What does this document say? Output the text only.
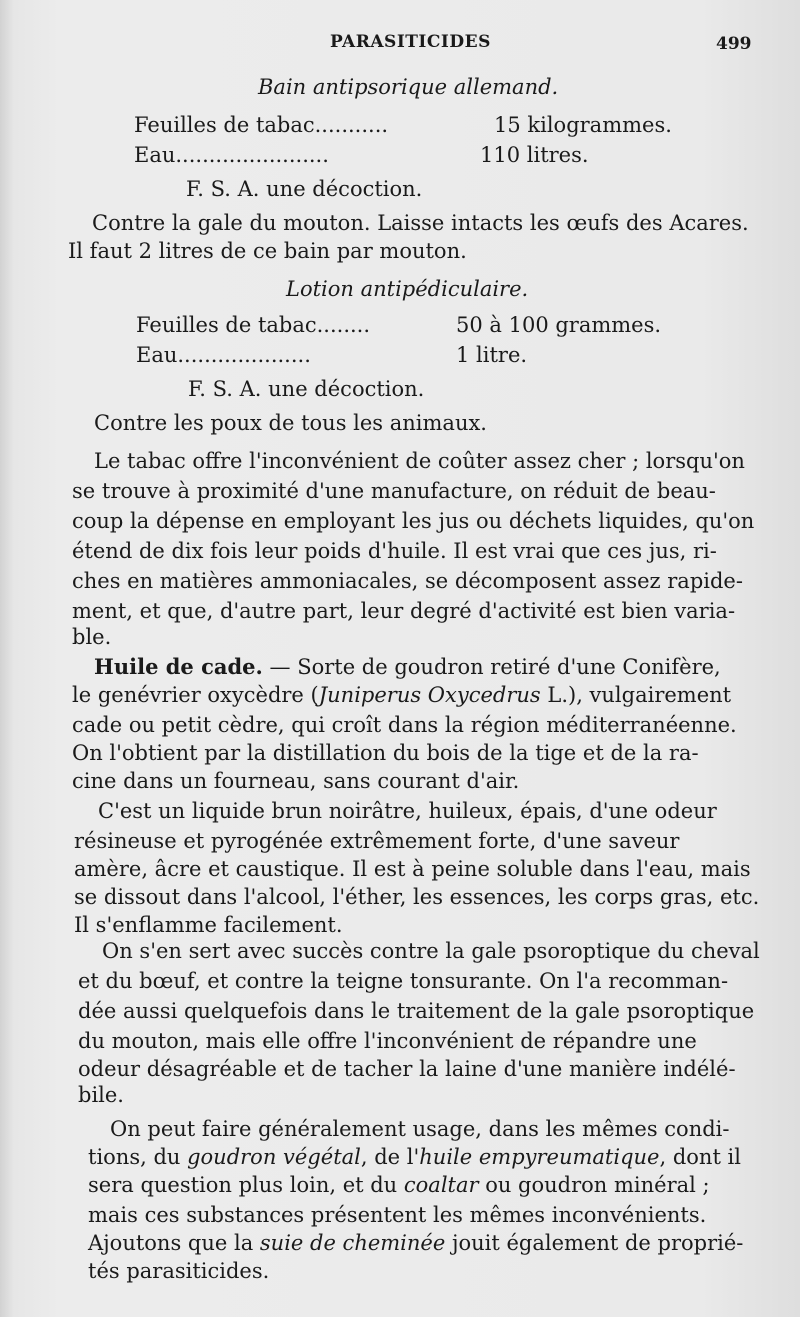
PARASITICIDES	499
Bain antipsorique allemand.
Feuilles de tabac...........	15 kilogrammes.
Eau.......................	110 litres.
F. S. A. une décoction.
Contre la gale du mouton. Laisse intacts les œufs des Acares.
Il faut 2 litres de ce bain par mouton.
Lotion antipédiculaire.
Feuilles de tabac........	50 à 100 grammes.
Eau....................	1 litre.
F. S. A. une décoction.
Contre les poux de tous les animaux.
Le tabac offre l'inconvénient de coûter assez cher ; lorsqu'on
se trouve à proximité d'une manufacture, on réduit de beau-
coup la dépense en employant les jus ou déchets liquides, qu'on
étend de dix fois leur poids d'huile. Il est vrai que ces jus, ri-
ches en matières ammoniacales, se décomposent assez rapide-
ment, et que, d'autre part, leur degré d'activité est bien varia-
ble.
Huile de cade. — Sorte de goudron retiré d'une Conifère,
le genévrier oxycèdre (Juniperus Oxycedrus L.), vulgairement
cade ou petit cèdre, qui croît dans la région méditerranéenne.
On l'obtient par la distillation du bois de la tige et de la ra-
cine dans un fourneau, sans courant d'air.
C'est un liquide brun noirâtre, huileux, épais, d'une odeur
résineuse et pyrogénée extrêmement forte, d'une saveur
amère, âcre et caustique. Il est à peine soluble dans l'eau, mais
se dissout dans l'alcool, l'éther, les essences, les corps gras, etc.
Il s'enflamme facilement.
On s'en sert avec succès contre la gale psoroptique du cheval
et du bœuf, et contre la teigne tonsurante. On l'a recomman-
dée aussi quelquefois dans le traitement de la gale psoroptique
du mouton, mais elle offre l'inconvénient de répandre une
odeur désagréable et de tacher la laine d'une manière indélé-
bile.
On peut faire généralement usage, dans les mêmes condi-
tions, du goudron végétal, de l'huile empyreumatique, dont il
sera question plus loin, et du coaltar ou goudron minéral ;
mais ces substances présentent les mêmes inconvénients.
Ajoutons que la suie de cheminée jouit également de proprié-
tés parasiticides.
